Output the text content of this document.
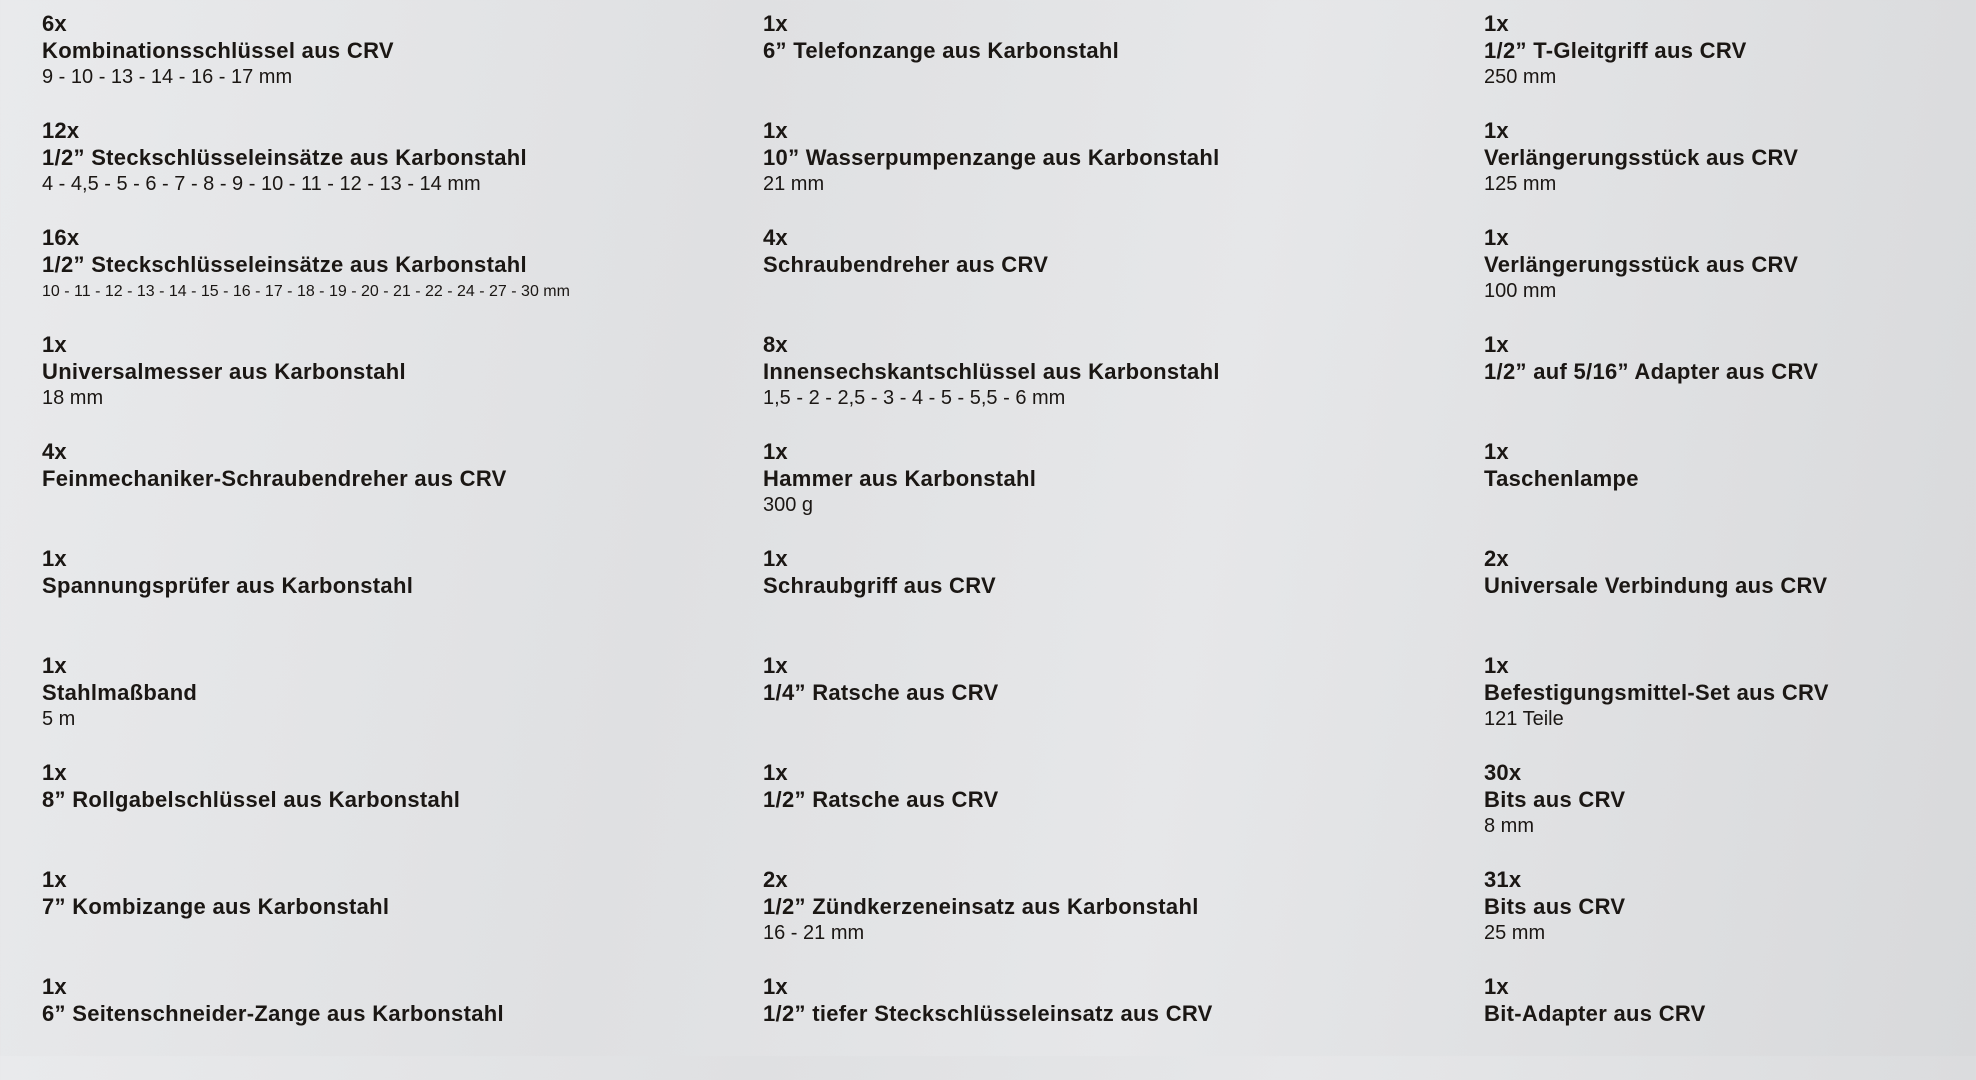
6x
Kombinationsschlüssel aus CRV
9 - 10 - 13 - 14 - 16 - 17 mm
12x
1/2” Steckschlüsseleinsätze aus Karbonstahl
4 - 4,5 - 5 - 6 - 7 - 8 - 9 - 10 - 11 - 12 - 13 - 14 mm
16x
1/2” Steckschlüsseleinsätze aus Karbonstahl
10 - 11 - 12 - 13 - 14 - 15 - 16 - 17 - 18 - 19 - 20 - 21 - 22 - 24 - 27 - 30 mm
1x
Universalmesser aus Karbonstahl
18 mm
4x
Feinmechaniker-Schraubendreher aus CRV
1x
Spannungsprüfer aus Karbonstahl
1x
Stahlmaßband
5 m
1x
8” Rollgabelschlüssel aus Karbonstahl
1x
7” Kombizange aus Karbonstahl
1x
6” Seitenschneider-Zange aus Karbonstahl
1x
6” Telefonzange aus Karbonstahl
1x
10” Wasserpumpenzange aus Karbonstahl
21 mm
4x
Schraubendreher aus CRV
8x
Innensechskantschlüssel aus Karbonstahl
1,5 - 2 - 2,5 - 3 - 4 - 5 - 5,5 - 6 mm
1x
Hammer aus Karbonstahl
300 g
1x
Schraubgriff aus CRV
1x
1/4” Ratsche aus CRV
1x
1/2” Ratsche aus CRV
2x
1/2” Zündkerzeneinsatz aus Karbonstahl
16 - 21 mm
1x
1/2” tiefer Steckschlüsseleinsatz aus CRV
1x
1/2” T-Gleitgriff aus CRV
250 mm
1x
Verlängerungsstück aus CRV
125 mm
1x
Verlängerungsstück aus CRV
100 mm
1x
1/2” auf 5/16” Adapter aus CRV
1x
Taschenlampe
2x
Universale Verbindung aus CRV
1x
Befestigungsmittel-Set aus CRV
121 Teile
30x
Bits aus CRV
8 mm
31x
Bits aus CRV
25 mm
1x
Bit-Adapter aus CRV
